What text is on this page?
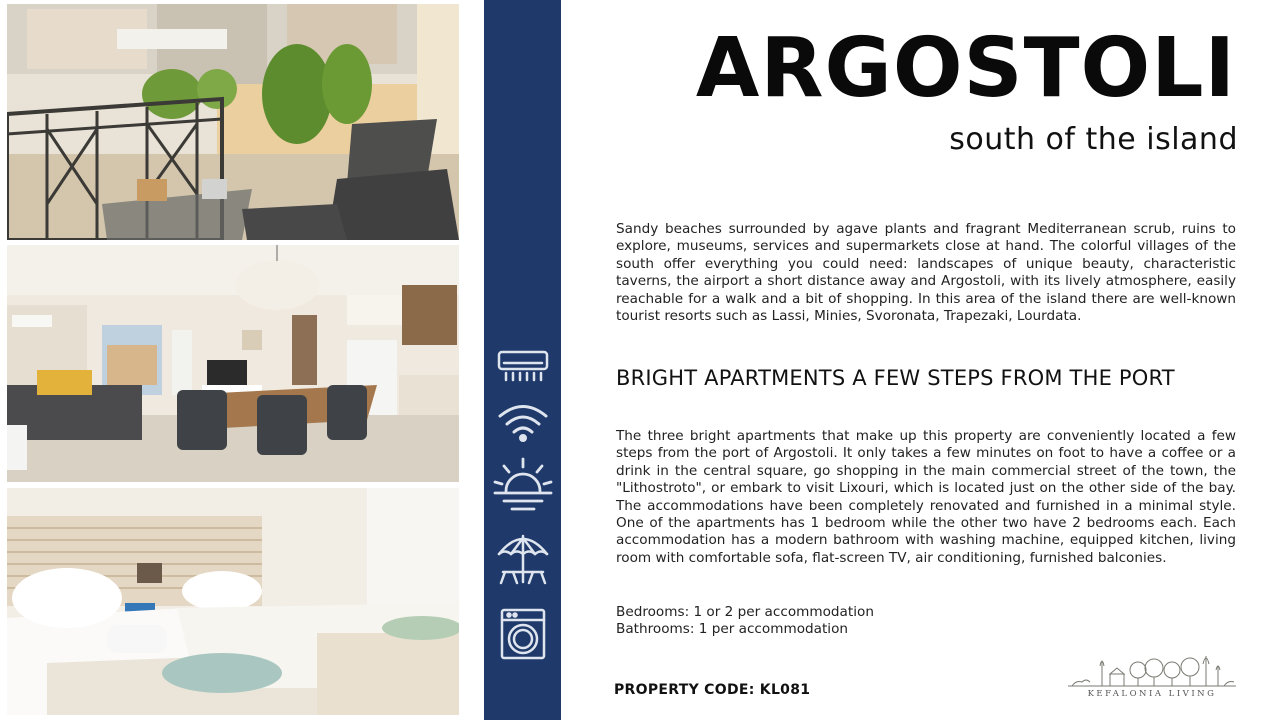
ARGOSTOLI
south of the island

Sandy beaches surrounded by agave plants and fragrant Mediterranean scrub, ruins to explore, museums, services and supermarkets close at hand. The colorful villages of the south offer everything you could need: landscapes of unique beauty, characteristic taverns, the airport a short distance away and Argostoli, with its lively atmosphere, easily reachable for a walk and a bit of shopping. In this area of the island there are well-known tourist resorts such as Lassi, Minies, Svoronata, Trapezaki, Lourdata.

BRIGHT APARTMENTS A FEW STEPS FROM THE PORT

The three bright apartments that make up this property are conveniently located a few steps from the port of Argostoli. It only takes a few minutes on foot to have a coffee or a drink in the central square, go shopping in the main commercial street of the town, the "Lithostroto", or embark to visit Lixouri, which is located just on the other side of the bay. The accommodations have been completely renovated and furnished in a minimal style. One of the apartments has 1 bedroom while the other two have 2 bedrooms each. Each accommodation has a modern bathroom with washing machine, equipped kitchen, living room with comfortable sofa, flat-screen TV, air conditioning, furnished balconies.

Bedrooms: 1 or 2 per accommodation
Bathrooms: 1 per accommodation
PROPERTY CODE: KL081	KEFALONIA LIVING
